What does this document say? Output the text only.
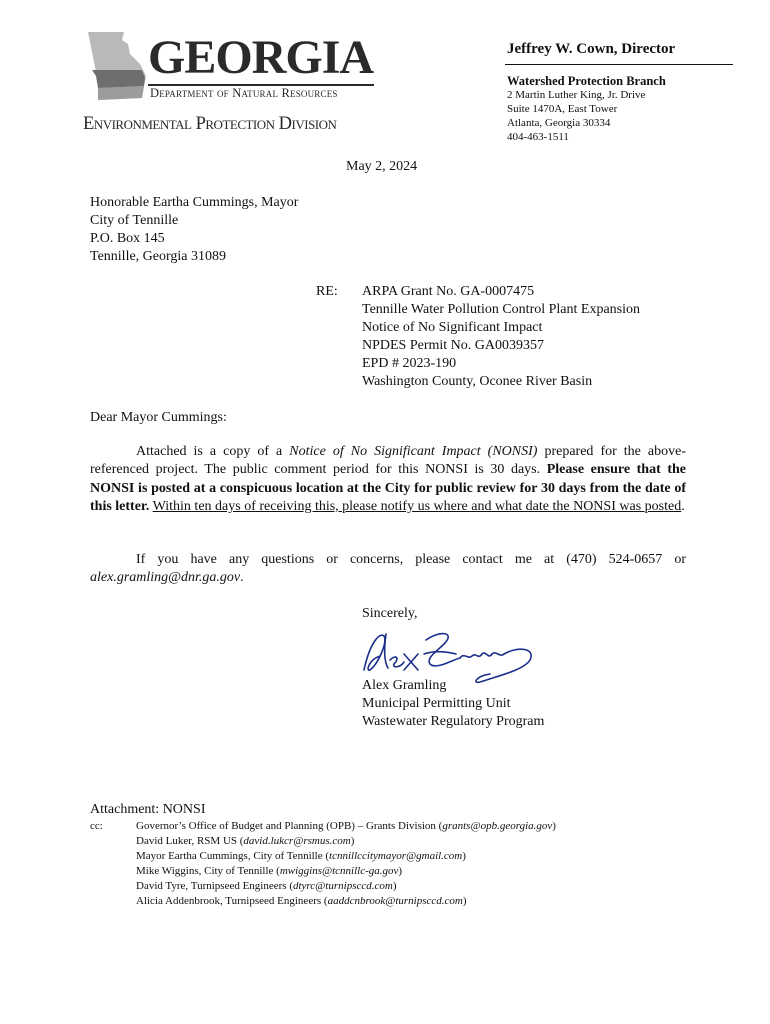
GEORGIA
Department of Natural Resources
Environmental Protection Division
Jeffrey W. Cown, Director
Watershed Protection Branch
2 Martin Luther King, Jr. Drive
Suite 1470A, East Tower
Atlanta, Georgia 30334
404-463-1511
May 2, 2024
Honorable Eartha Cummings, Mayor
City of Tennille
P.O. Box 145
Tennille, Georgia 31089
RE: ARPA Grant No. GA-0007475
Tennille Water Pollution Control Plant Expansion
Notice of No Significant Impact
NPDES Permit No. GA0039357
EPD # 2023-190
Washington County, Oconee River Basin
Dear Mayor Cummings:
Attached is a copy of a Notice of No Significant Impact (NONSI) prepared for the above-referenced project. The public comment period for this NONSI is 30 days. Please ensure that the NONSI is posted at a conspicuous location at the City for public review for 30 days from the date of this letter. Within ten days of receiving this, please notify us where and what date the NONSI was posted.
If you have any questions or concerns, please contact me at (470) 524-0657 or alex.gramling@dnr.ga.gov.
Sincerely,
Alex Gramling
Municipal Permitting Unit
Wastewater Regulatory Program
Attachment: NONSI
cc:	Governor’s Office of Budget and Planning (OPB) – Grants Division (grants@opb.georgia.gov)
David Luker, RSM US (david.lukcr@rsmus.com)
Mayor Eartha Cummings, City of Tennille (tcnnillccitymayor@gmail.com)
Mike Wiggins, City of Tennille (mwiggins@tcnnillc-ga.gov)
David Tyre, Turnipseed Engineers (dtyrc@turnipsccd.com)
Alicia Addenbrook, Turnipseed Engineers (aaddcnbrook@turnipsccd.com)
